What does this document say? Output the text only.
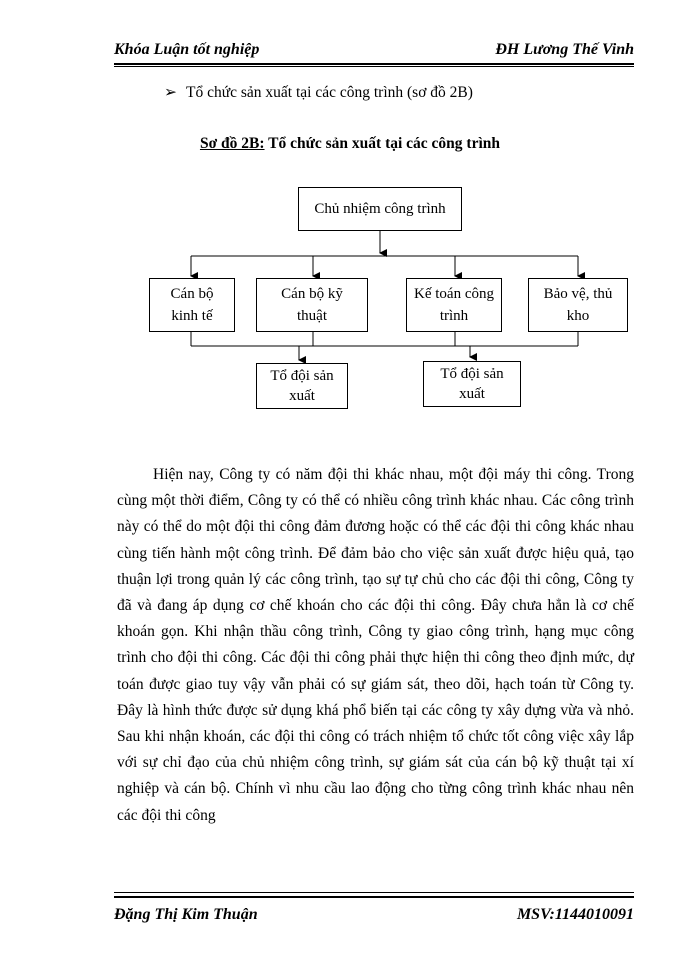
Khóa Luận tốt nghiệp	ĐH Lương Thế Vinh
➢ Tổ chức sản xuất tại các công trình (sơ đồ 2B)
Sơ đồ 2B: Tổ chức sản xuất tại các công trình
Chủ nhiệm công trình
Cán bộ kinh tế
Cán bộ kỹ thuật
Kế toán công trình
Bảo vệ, thủ kho
Tổ đội sản xuất
Tổ đội sản xuất

Hiện nay, Công ty có năm đội thi khác nhau, một đội máy thi công. Trong cùng một thời điểm, Công ty có thể có nhiều công trình khác nhau. Các công trình này có thể do một đội thi công đảm đương hoặc có thể các đội thi công khác nhau cùng tiến hành một công trình. Để đảm bảo cho việc sản xuất được hiệu quả, tạo thuận lợi trong quản lý các công trình, tạo sự tự chủ cho các đội thi công, Công ty đã và đang áp dụng cơ chế khoán cho các đội thi công. Đây chưa hẳn là cơ chế khoán gọn. Khi nhận thầu công trình, Công ty giao công trình, hạng mục công trình cho đội thi công. Các đội thi công phải thực hiện thi công theo định mức, dự toán được giao tuy vậy vẫn phải có sự giám sát, theo dõi, hạch toán từ Công ty. Đây là hình thức được sử dụng khá phổ biến tại các công ty xây dựng vừa và nhỏ. Sau khi nhận khoán, các đội thi công có trách nhiệm tổ chức tốt công việc xây lắp với sự chỉ đạo của chủ nhiệm công trình, sự giám sát của cán bộ kỹ thuật tại xí nghiệp và cán bộ. Chính vì nhu cầu lao động cho từng công trình khác nhau nên các đội thi công

Đặng Thị Kim Thuận	MSV:1144010091
